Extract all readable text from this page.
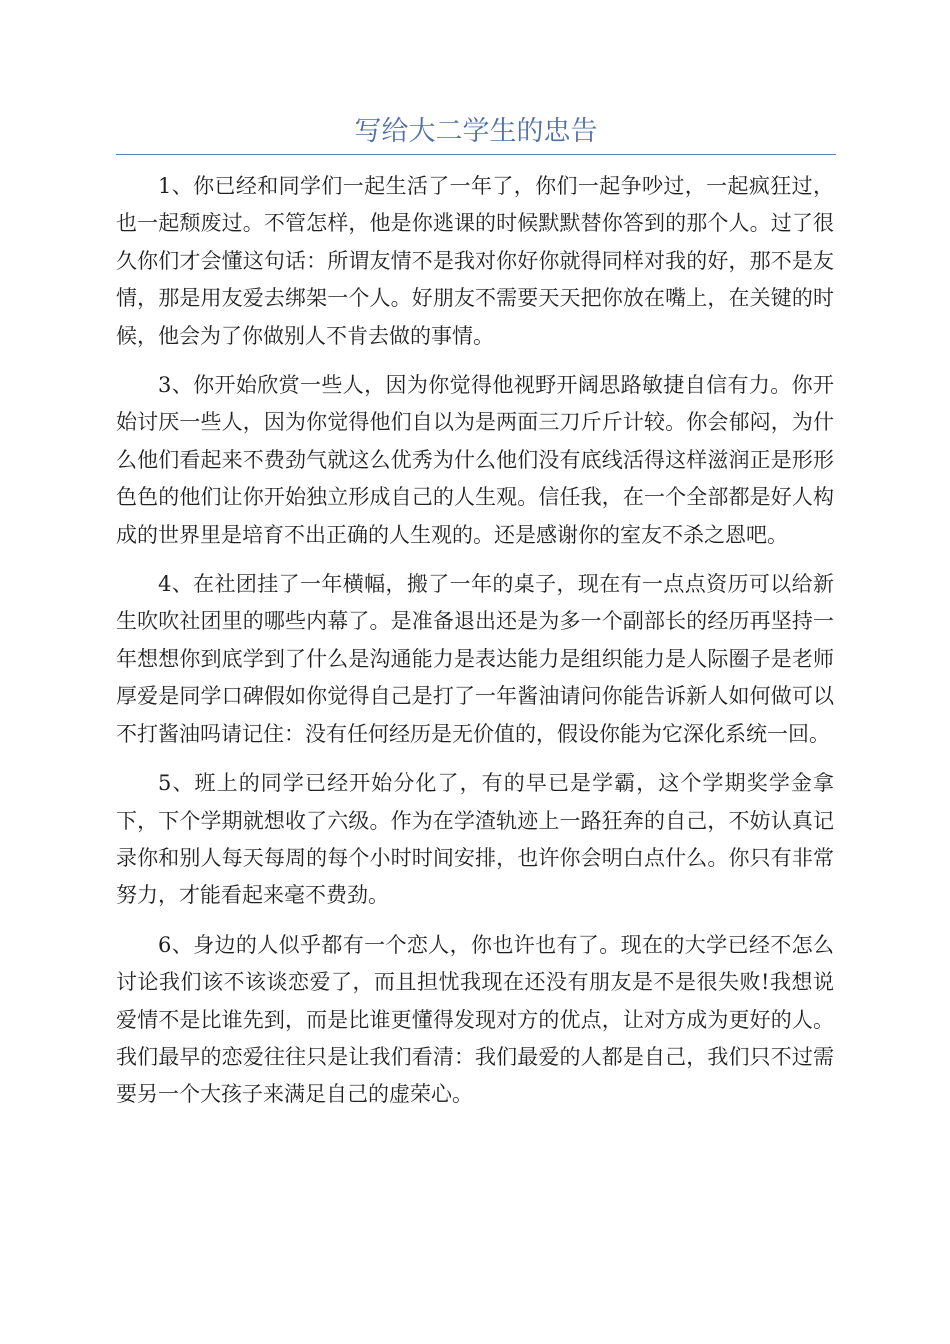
写给大二学生的忠告

1、你已经和同学们一起生活了一年了，你们一起争吵过，一起疯狂过，也一起颓废过。不管怎样，他是你逃课的时候默默替你答到的那个人。过了很久你们才会懂这句话：所谓友情不是我对你好你就得同样对我的好，那不是友情，那是用友爱去绑架一个人。好朋友不需要天天把你放在嘴上，在关键的时候，他会为了你做别人不肯去做的事情。

3、你开始欣赏一些人，因为你觉得他视野开阔思路敏捷自信有力。你开始讨厌一些人，因为你觉得他们自以为是两面三刀斤斤计较。你会郁闷，为什么他们看起来不费劲气就这么优秀为什么他们没有底线活得这样滋润正是形形色色的他们让你开始独立形成自己的人生观。信任我，在一个全部都是好人构成的世界里是培育不出正确的人生观的。还是感谢你的室友不杀之恩吧。

4、在社团挂了一年横幅，搬了一年的桌子，现在有一点点资历可以给新生吹吹社团里的哪些内幕了。是准备退出还是为多一个副部长的经历再坚持一年想想你到底学到了什么是沟通能力是表达能力是组织能力是人际圈子是老师厚爱是同学口碑假如你觉得自己是打了一年酱油请问你能告诉新人如何做可以不打酱油吗请记住：没有任何经历是无价值的，假设你能为它深化系统一回。

5、班上的同学已经开始分化了，有的早已是学霸，这个学期奖学金拿下，下个学期就想收了六级。作为在学渣轨迹上一路狂奔的自己，不妨认真记录你和别人每天每周的每个小时时间安排，也许你会明白点什么。你只有非常努力，才能看起来毫不费劲。

6、身边的人似乎都有一个恋人，你也许也有了。现在的大学已经不怎么讨论我们该不该谈恋爱了，而且担忧我现在还没有朋友是不是很失败!我想说爱情不是比谁先到，而是比谁更懂得发现对方的优点，让对方成为更好的人。我们最早的恋爱往往只是让我们看清：我们最爱的人都是自己，我们只不过需要另一个大孩子来满足自己的虚荣心。
